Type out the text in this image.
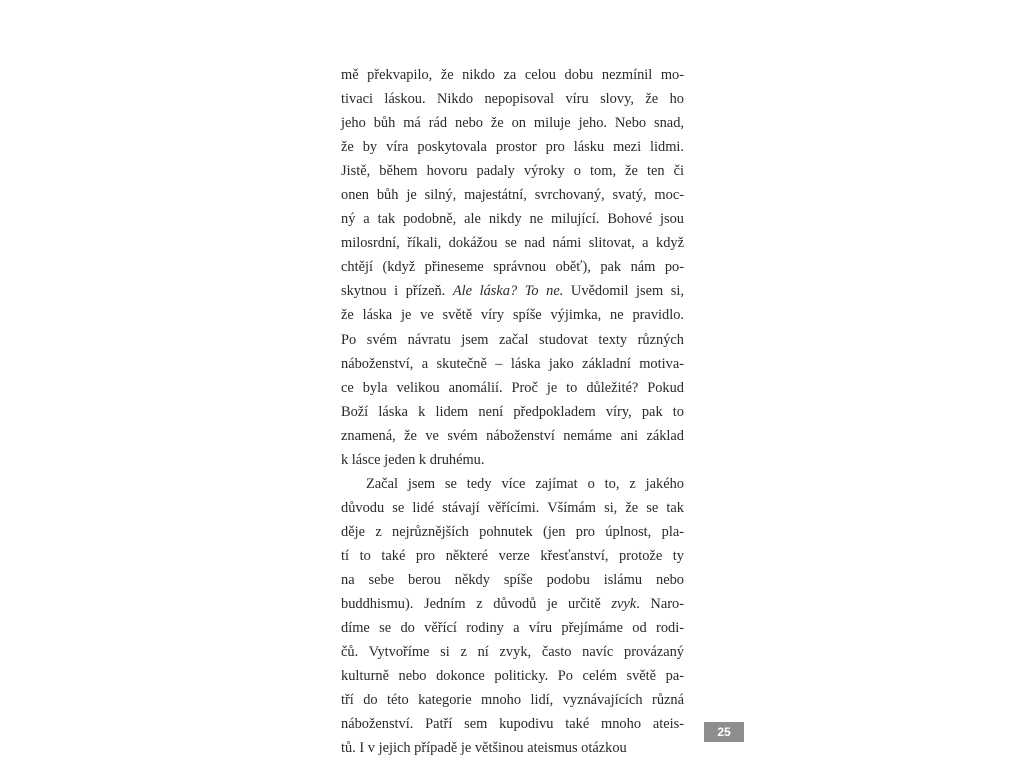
mě překvapilo, že nikdo za celou dobu nezmínil mo-
tivaci láskou. Nikdo nepopisoval víru slovy, že ho
jeho bůh má rád nebo že on miluje jeho. Nebo snad,
že by víra poskytovala prostor pro lásku mezi lidmi.
Jistě, během hovoru padaly výroky o tom, že ten či
onen bůh je silný, majestátní, svrchovaný, svatý, moc-
ný a tak podobně, ale nikdy ne milující. Bohové jsou
milosrdní, říkali, dokážou se nad námi slitovat, a když
chtějí (když přineseme správnou oběť), pak nám po-
skytnou i přízeň. Ale láska? To ne. Uvědomil jsem si,
že láska je ve světě víry spíše výjimka, ne pravidlo.
Po svém návratu jsem začal studovat texty různých
náboženství, a skutečně – láska jako základní motiva-
ce byla velikou anomálií. Proč je to důležité? Pokud
Boží láska k lidem není předpokladem víry, pak to
znamená, že ve svém náboženství nemáme ani základ
k lásce jeden k druhému.
Začal jsem se tedy více zajímat o to, z jakého
důvodu se lidé stávají věřícími. Všímám si, že se tak
děje z nejrůznějších pohnutek (jen pro úplnost, pla-
tí to také pro některé verze křesťanství, protože ty
na sebe berou někdy spíše podobu islámu nebo
buddhismu). Jedním z důvodů je určitě zvyk. Naro-
díme se do věřící rodiny a víru přejímáme od rodi-
čů. Vytvoříme si z ní zvyk, často navíc provázaný
kulturně nebo dokonce politicky. Po celém světě pa-
tří do této kategorie mnoho lidí, vyznávajících různá
náboženství. Patří sem kupodivu také mnoho ateis-
tů. I v jejich případě je většinou ateismus otázkou
25
